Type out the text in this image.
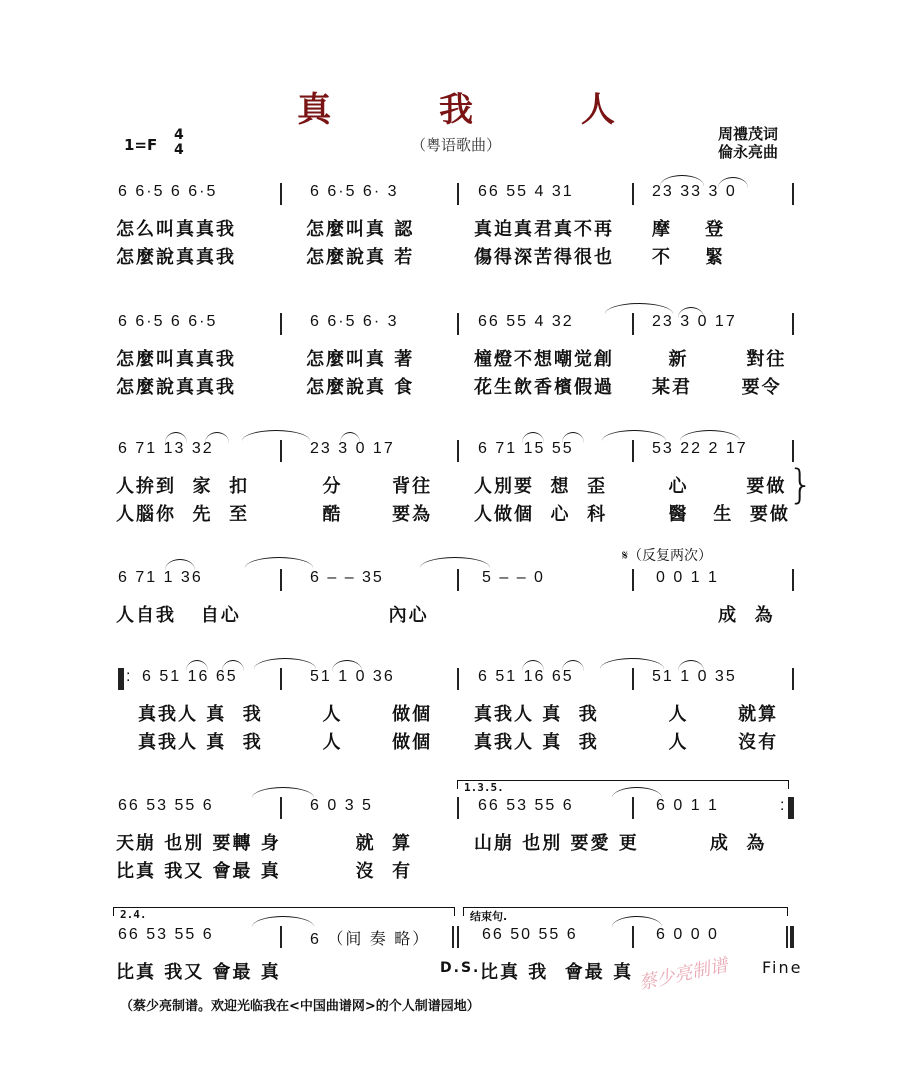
真 我 人
1=F
4
4	（粤语歌曲）
周禮茂词
倫永亮曲
6 6·5 6 6·5	6 6·5 6· 3	66 55 4 31	23 33 3 0
怎么叫真真我	怎麼叫真 認	真迫真君真不再 摩    登
怎麼說真真我	怎麼說真 若	傷得深苦得很也 不    緊
6 6·5 6 6·5	6 6·5 6· 3	66 55 4 32	23 3 0 17
怎麼叫真真我	怎麼叫真 著	橦燈不想嘲觉創 新       對往
怎麼說真真我	怎麼說真 食	花生飲香檳假過 某君      要令
6 71 13 32	23 3 0 17	6 71 15 55	53 22 2 17
人拚到  家  扣	分      背往 人別要  想  歪 心       要做
人腦你  先  至	酷      要為 人做個  心  科 醫   生  要做
}
𝄋（反复两次）
6 71 1 36	6 – – 35	5 – – 0	0 0 1 1
人自我   自心	內心	成  為
: 6 51 16 65	51 1 0 36	6 51 16 65	51 1 0 35
真我人 真  我 人      做個 真我人 真  我	人      就算
真我人 真  我 人      做個 真我人 真  我	人      沒有
1.3.5.
66 53 55 6	6 0 3 5	66 53 55 6	6 0 1 1	:
天崩 也別 要轉 身 就  算	山崩 也別 要愛 更 成  為
比真 我又 會最 真 沒  有
2.4.	结束句.
66 53 55 6	6 （间 奏 略）	66 50 55 6	6 0 0 0
比真 我又 會最 真	D.S. 比真 我  會最 真	Fine
蔡少亮制谱
（蔡少亮制谱。欢迎光临我在<中国曲谱网>的个人制谱园地）
